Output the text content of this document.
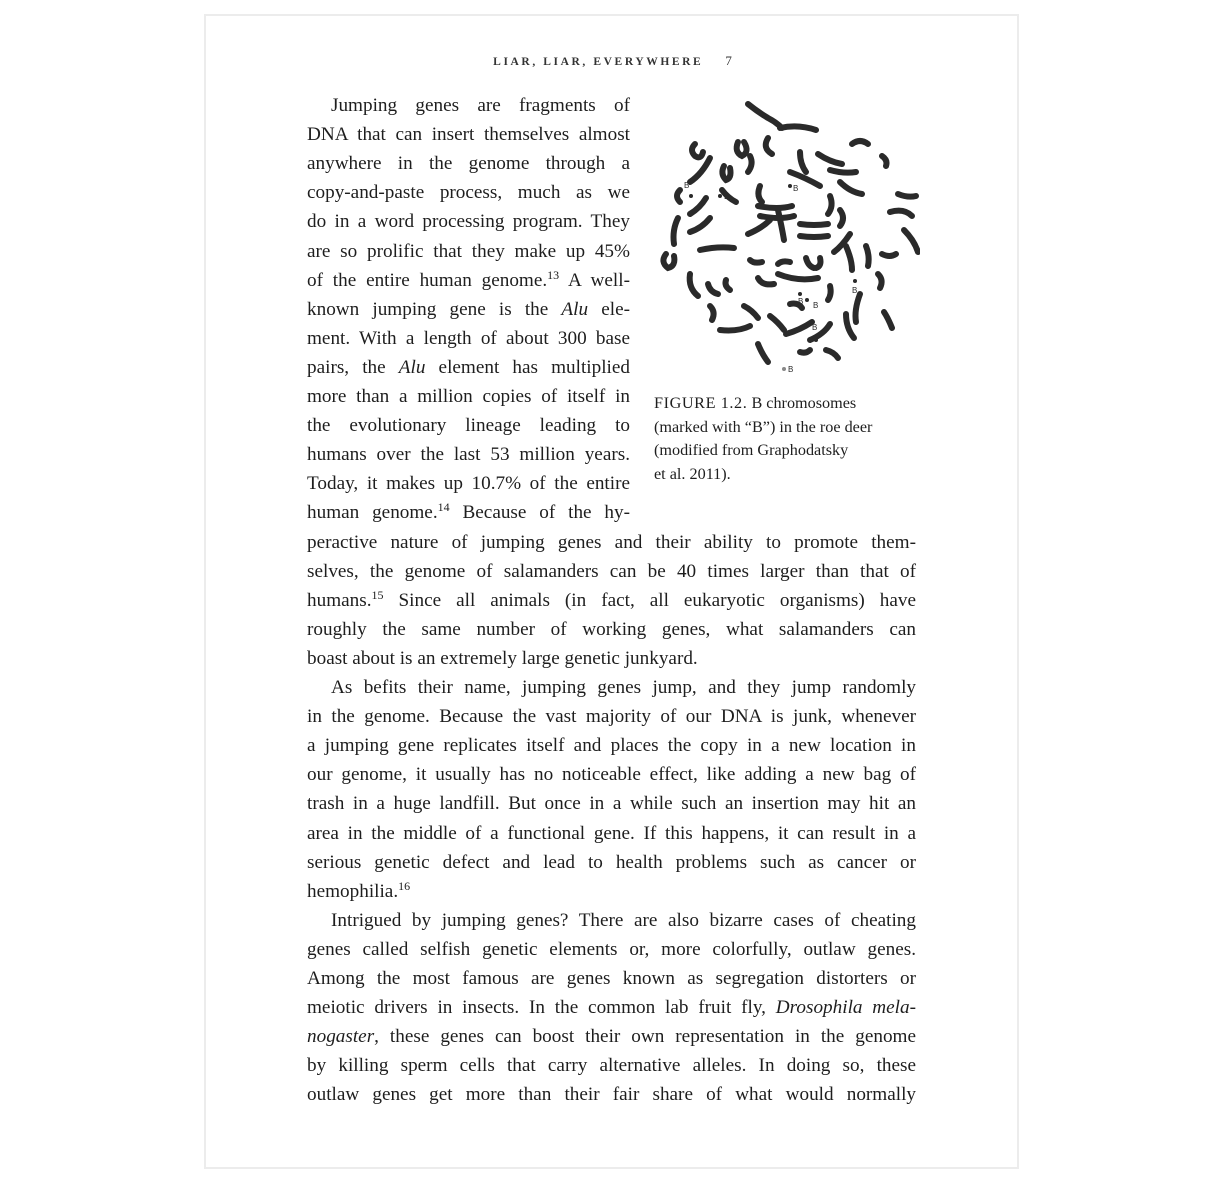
LIAR, LIAR, EVERYWHERE 7
Jumping genes are fragments of
DNA that can insert themselves almost
anywhere in the genome through a
copy-and-paste process, much as we
do in a word processing program. They
are so prolific that they make up 45%
of the entire human genome.$^{13}$ A well-
known jumping gene is the Alu ele-
ment. With a length of about 300 base
pairs, the Alu element has multiplied
more than a million copies of itself in
the evolutionary lineage leading to
humans over the last 53 million years.
Today, it makes up 10.7% of the entire
human genome.$^{14}$ Because of the hy-
peractive nature of jumping genes and their ability to promote them-
selves, the genome of salamanders can be 40 times larger than that of
humans.$^{15}$ Since all animals (in fact, all eukaryotic organisms) have
roughly the same number of working genes, what salamanders can
boast about is an extremely large genetic junkyard.
As befits their name, jumping genes jump, and they jump randomly
in the genome. Because the vast majority of our DNA is junk, whenever
a jumping gene replicates itself and places the copy in a new location in
our genome, it usually has no noticeable effect, like adding a new bag of
trash in a huge landfill. But once in a while such an insertion may hit an
area in the middle of a functional gene. If this happens, it can result in a
serious genetic defect and lead to health problems such as cancer or
hemophilia.$^{16}$
Intrigued by jumping genes? There are also bizarre cases of cheating
genes called selfish genetic elements or, more colorfully, outlaw genes.
Among the most famous are genes known as segregation distorters or
meiotic drivers in insects. In the common lab fruit fly, Drosophila mela-
nogaster, these genes can boost their own representation in the genome
by killing sperm cells that carry alternative alleles. In doing so, these
outlaw genes get more than their fair share of what would normally
B
B
B
B
B B
B
B
FIGURE 1.2. B chromosomes
(marked with “B”) in the roe deer
(modified from Graphodatsky
et al. 2011).
